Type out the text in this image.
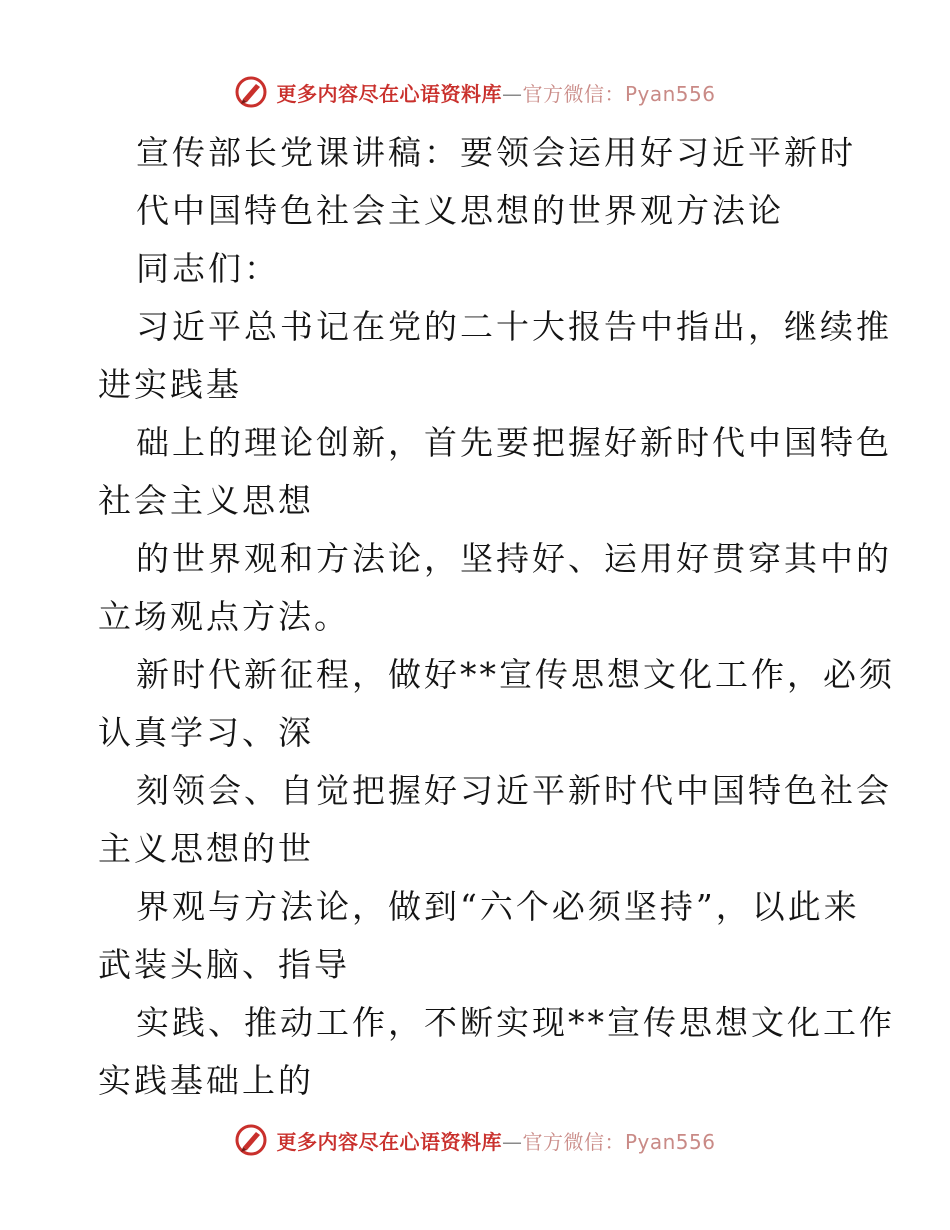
更多内容尽在心语资料库—官方微信：Pyan556
宣传部长党课讲稿：要领会运用好习近平新时
代中国特色社会主义思想的世界观方法论
同志们：
习近平总书记在党的二十大报告中指出，继续推
进实践基
础上的理论创新，首先要把握好新时代中国特色
社会主义思想
的世界观和方法论，坚持好、运用好贯穿其中的
立场观点方法。
新时代新征程，做好**宣传思想文化工作，必须
认真学习、深
刻领会、自觉把握好习近平新时代中国特色社会
主义思想的世
界观与方法论，做到“六个必须坚持”，以此来
武装头脑、指导
实践、推动工作，不断实现**宣传思想文化工作
实践基础上的
更多内容尽在心语资料库—官方微信：Pyan556
